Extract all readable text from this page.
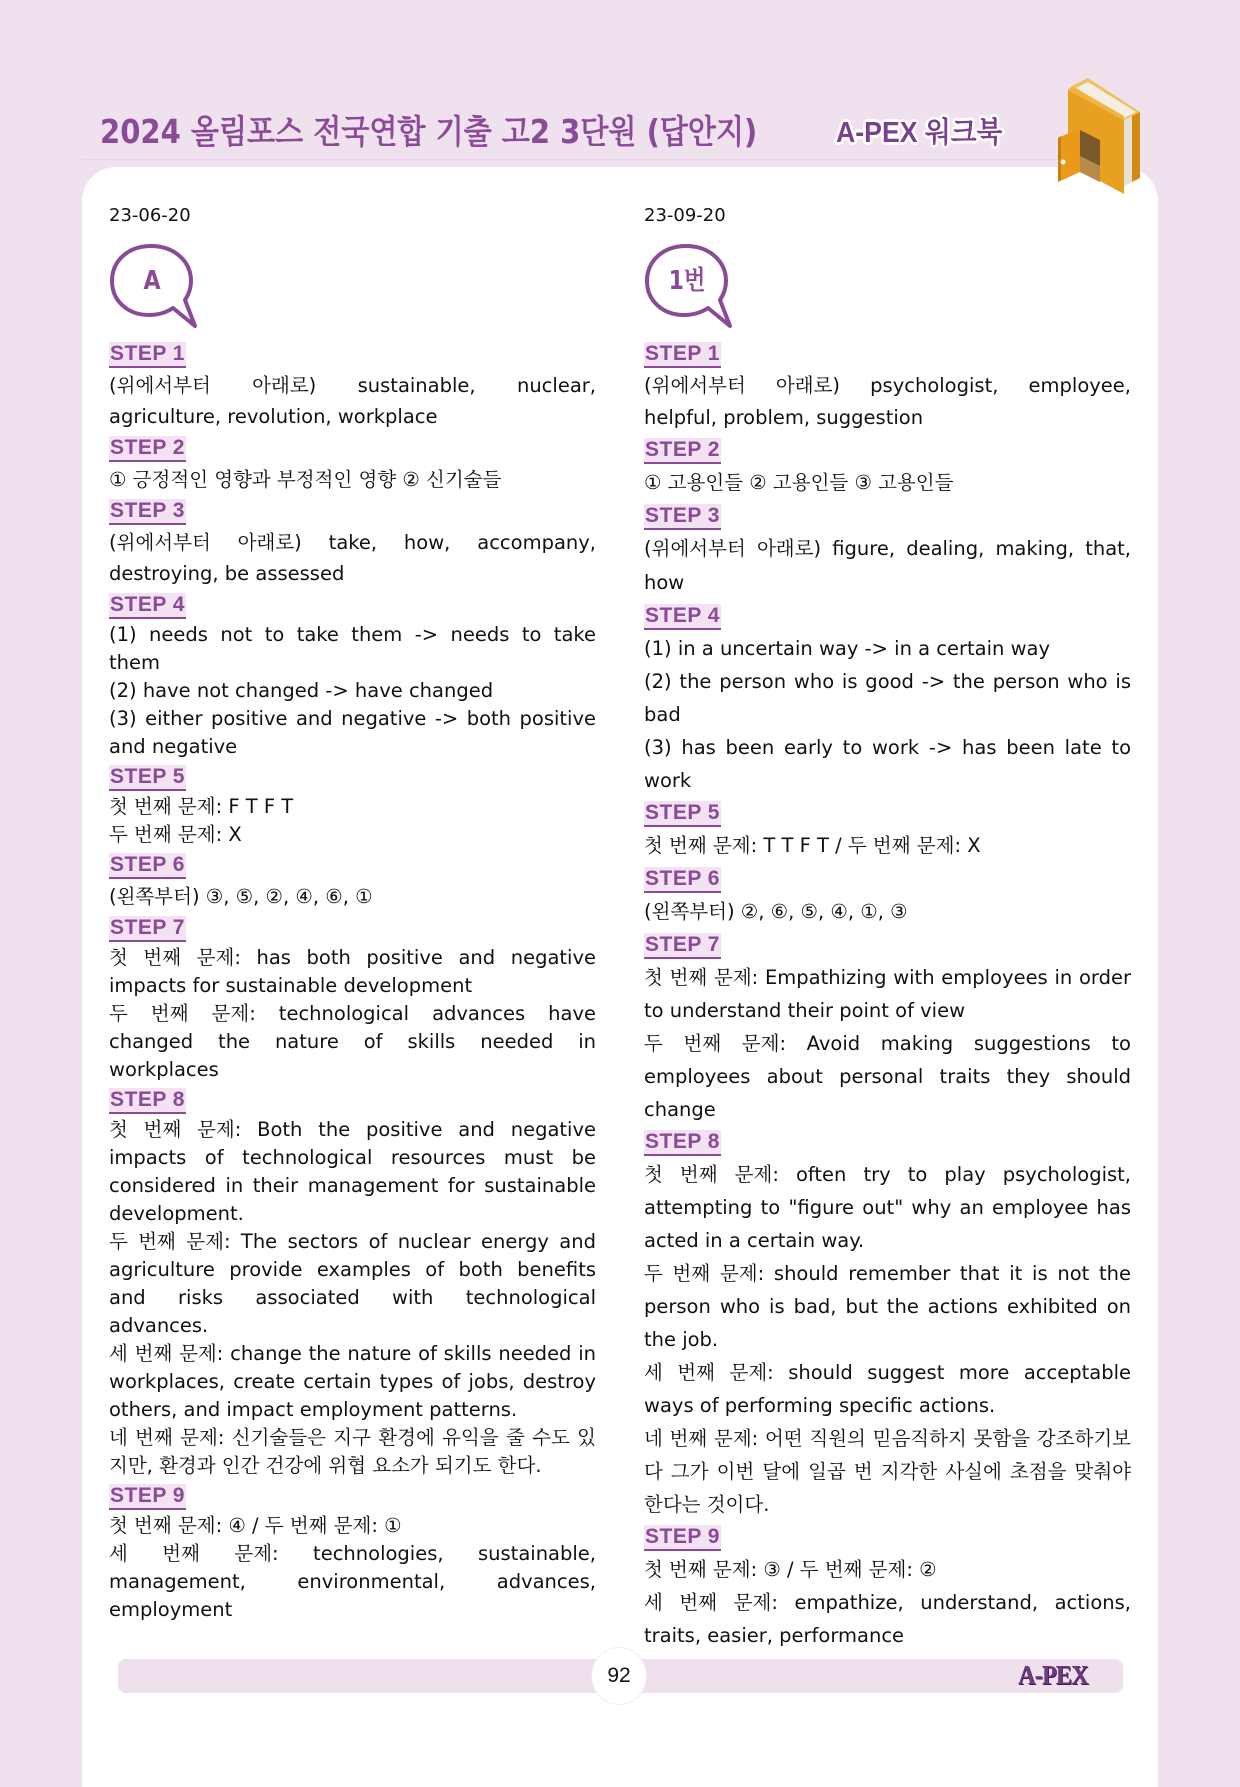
2024 올림포스 전국연합 기출 고2 3단원 (답안지)	A-PEX 워크북
23-06-20
A
STEP 1

(위에서부터 아래로) sustainable, nuclear, agriculture, revolution, workplace

STEP 2

① 긍정적인 영향과 부정적인 영향 ② 신기술들

STEP 3

(위에서부터 아래로) take, how, accompany, destroying, be assessed

STEP 4

(1) needs not to take them -> needs to take them

(2) have not changed -> have changed

(3) either positive and negative -> both positive and negative

STEP 5

첫 번째 문제: F T F T

두 번째 문제: X

STEP 6

(왼쪽부터) ③, ⑤, ②, ④, ⑥, ①

STEP 7

첫 번째 문제: has both positive and negative impacts for sustainable development

두 번째 문제: technological advances have changed the nature of skills needed in workplaces

STEP 8

첫 번째 문제: Both the positive and negative impacts of technological resources must be considered in their management for sustainable development.

두 번째 문제: The sectors of nuclear energy and agriculture provide examples of both benefits and risks associated with technological advances.

세 번째 문제: change the nature of skills needed in workplaces, create certain types of jobs, destroy others, and impact employment patterns.

네 번째 문제: 신기술들은 지구 환경에 유익을 줄 수도 있지만, 환경과 인간 건강에 위협 요소가 되기도 한다.

STEP 9

첫 번째 문제: ④ / 두 번째 문제: ①

세 번째 문제: technologies, sustainable, management, environmental, advances, employment

23-09-20
1번
STEP 1

(위에서부터 아래로) psychologist, employee, helpful, problem, suggestion

STEP 2

① 고용인들 ② 고용인들 ③ 고용인들

STEP 3

(위에서부터 아래로) figure, dealing, making, that, how

STEP 4

(1) in a uncertain way -> in a certain way

(2) the person who is good -> the person who is bad

(3) has been early to work -> has been late to work

STEP 5

첫 번째 문제: T T F T / 두 번째 문제: X

STEP 6

(왼쪽부터) ②, ⑥, ⑤, ④, ①, ③

STEP 7

첫 번째 문제: Empathizing with employees in order to understand their point of view

두 번째 문제: Avoid making suggestions to employees about personal traits they should change

STEP 8

첫 번째 문제: often try to play psychologist, attempting to "figure out" why an employee has acted in a certain way.

두 번째 문제: should remember that it is not the person who is bad, but the actions exhibited on the job.

세 번째 문제: should suggest more acceptable ways of performing specific actions.

네 번째 문제: 어떤 직원의 믿음직하지 못함을 강조하기보다 그가 이번 달에 일곱 번 지각한 사실에 초점을 맞춰야 한다는 것이다.

STEP 9

첫 번째 문제: ③ / 두 번째 문제: ②

세 번째 문제: empathize, understand, actions, traits, easier, performance

92	A-PEX
